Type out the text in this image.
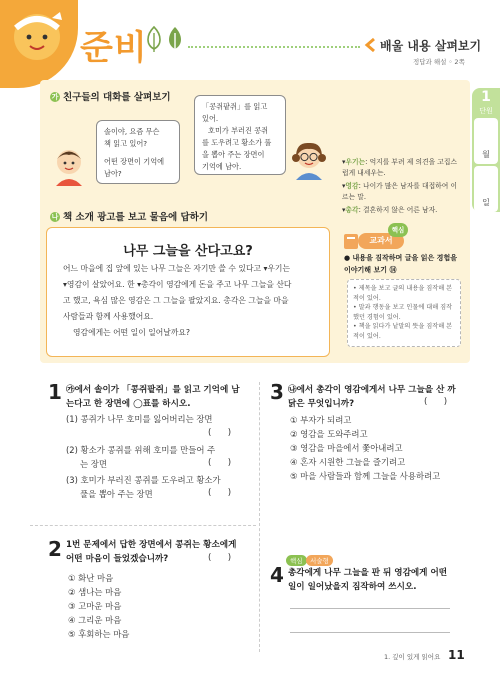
준비	배울 내용 살펴보기
정답과 해설 ◦ 2쪽
1
단원
월
일
가 친구들의 대화를 살펴보기
솔이야, 요즘 무슨
책 읽고 있어?
어떤 장면이 기억에
남아?
「콩쥐팥쥐」를 읽고
있어.
호미가 부러진 콩쥐
를 도우려고 황소가 풀
을 뽑아 주는 장면이
기억에 남아.	▾우기는: 억지를 부려 제 의견을 고집스럽게 내세우는.
▾영감: 나이가 많은 남자를 대접하여 이르는 말.
▾총각: 결혼하지 않은 어른 남자.
나 책 소개 광고를 보고 물음에 답하기
나무 그늘을 산다고요?
어느 마을에 집 앞에 있는 나무 그늘은 자기만 쓸 수 있다고 ▾우기는
▾영감이 살았어요. 한 ▾총각이 영감에게 돈을 주고 나무 그늘을 산다
고 했고, 욕심 많은 영감은 그 그늘을 팔았지요. 총각은 그늘을 마을
사람들과 함께 사용했어요.
영감에게는 어떤 일이 일어날까요?
교과서
핵심
● 내용을 짐작하며 글을 읽은 경험을 이야기해 보기 ⑭
• 제목을 보고 글의 내용을 짐작해 본 적이 있어.
• 말과 행동을 보고 인물에 대해 짐작했던 경험이 있어.
• 책을 읽다가 낱말의 뜻을 짐작해 본 적이 있어.
1 ㉮에서 솔이가 「콩쥐팥쥐」를 읽고 기억에 남
는다고 한 장면에 ◯표를 하시오.
(1) 콩쥐가 나무 호미를 잃어버리는 장면
(      )
(2) 황소가 콩쥐를 위해 호미를 만들어 주
는 장면	(      )
(3) 호미가 부러진 콩쥐를 도우려고 황소가
풀을 뽑아 주는 장면	(      )
2 1번 문제에서 답한 장면에서 콩쥐는 황소에게
어떤 마음이 들었겠습니까?	(      )
① 화난 마음
② 샘나는 마음
③ 고마운 마음
④ 그리운 마음
⑤ 후회하는 마음
3 ㉯에서 총각이 영감에게서 나무 그늘을 산 까
닭은 무엇입니까?	(      )
① 부자가 되려고
② 영감을 도와주려고
③ 영감을 마을에서 쫓아내려고
④ 혼자 시원한 그늘을 즐기려고
⑤ 마을 사람들과 함께 그늘을 사용하려고
핵심	서술형
4 총각에게 나무 그늘을 판 뒤 영감에게 어떤
일이 일어났을지 짐작하여 쓰시오.
1. 깊이 있게 읽어요 11
